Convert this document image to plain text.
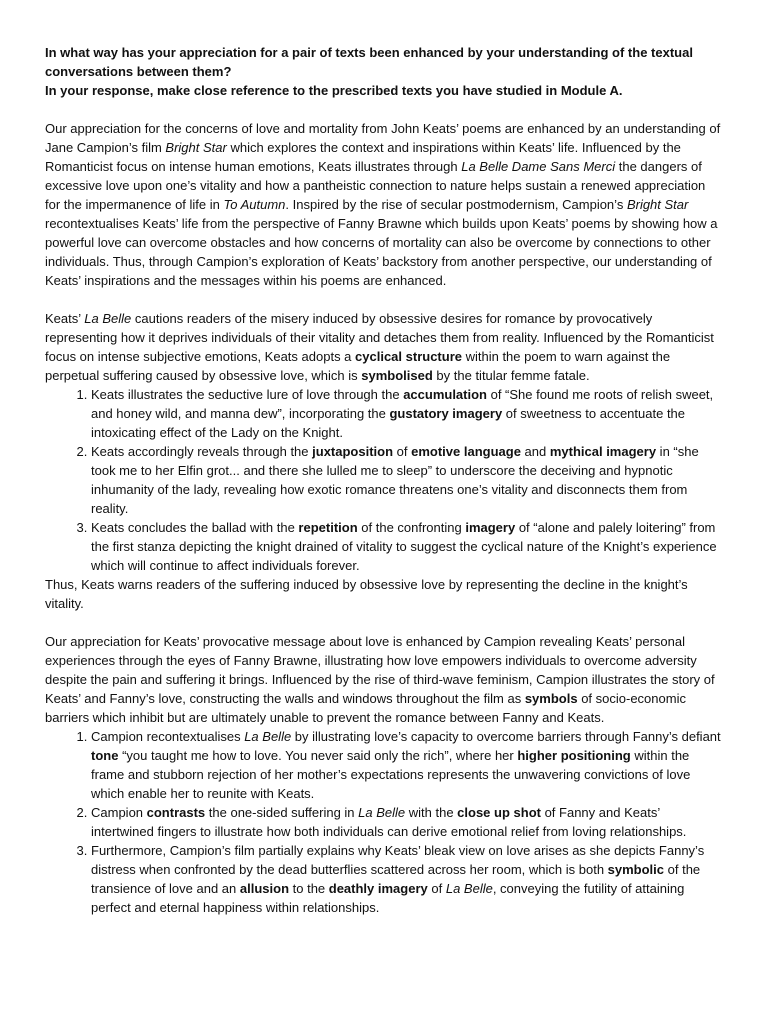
In what way has your appreciation for a pair of texts been enhanced by your understanding of the textual conversations between them?
In your response, make close reference to the prescribed texts you have studied in Module A.

Our appreciation for the concerns of love and mortality from John Keats’ poems are enhanced by an understanding of Jane Campion’s film Bright Star which explores the context and inspirations within Keats’ life. Influenced by the Romanticist focus on intense human emotions, Keats illustrates through La Belle Dame Sans Merci the dangers of excessive love upon one’s vitality and how a pantheistic connection to nature helps sustain a renewed appreciation for the impermanence of life in To Autumn. Inspired by the rise of secular postmodernism, Campion’s Bright Star recontextualises Keats’ life from the perspective of Fanny Brawne which builds upon Keats’ poems by showing how a powerful love can overcome obstacles and how concerns of mortality can also be overcome by connections to other individuals. Thus, through Campion’s exploration of Keats’ backstory from another perspective, our understanding of Keats’ inspirations and the messages within his poems are enhanced.

Keats’ La Belle cautions readers of the misery induced by obsessive desires for romance by provocatively representing how it deprives individuals of their vitality and detaches them from reality. Influenced by the Romanticist focus on intense subjective emotions, Keats adopts a cyclical structure within the poem to warn against the perpetual suffering caused by obsessive love, which is symbolised by the titular femme fatale.

1. Keats illustrates the seductive lure of love through the accumulation of “She found me roots of relish sweet, and honey wild, and manna dew”, incorporating the gustatory imagery of sweetness to accentuate the intoxicating effect of the Lady on the Knight.
2. Keats accordingly reveals through the juxtaposition of emotive language and mythical imagery in “she took me to her Elfin grot... and there she lulled me to sleep” to underscore the deceiving and hypnotic inhumanity of the lady, revealing how exotic romance threatens one’s vitality and disconnects them from reality.
3. Keats concludes the ballad with the repetition of the confronting imagery of “alone and palely loitering” from the first stanza depicting the knight drained of vitality to suggest the cyclical nature of the Knight’s experience which will continue to affect individuals forever.

Thus, Keats warns readers of the suffering induced by obsessive love by representing the decline in the knight’s vitality.

Our appreciation for Keats’ provocative message about love is enhanced by Campion revealing Keats’ personal experiences through the eyes of Fanny Brawne, illustrating how love empowers individuals to overcome adversity despite the pain and suffering it brings. Influenced by the rise of third-wave feminism, Campion illustrates the story of Keats’ and Fanny’s love, constructing the walls and windows throughout the film as symbols of socio-economic barriers which inhibit but are ultimately unable to prevent the romance between Fanny and Keats.

1. Campion recontextualises La Belle by illustrating love’s capacity to overcome barriers through Fanny’s defiant tone “you taught me how to love. You never said only the rich”, where her higher positioning within the frame and stubborn rejection of her mother’s expectations represents the unwavering convictions of love which enable her to reunite with Keats.
2. Campion contrasts the one-sided suffering in La Belle with the close up shot of Fanny and Keats’ intertwined fingers to illustrate how both individuals can derive emotional relief from loving relationships.
3. Furthermore, Campion’s film partially explains why Keats’ bleak view on love arises as she depicts Fanny’s distress when confronted by the dead butterflies scattered across her room, which is both symbolic of the transience of love and an allusion to the deathly imagery of La Belle, conveying the futility of attaining perfect and eternal happiness within relationships.
